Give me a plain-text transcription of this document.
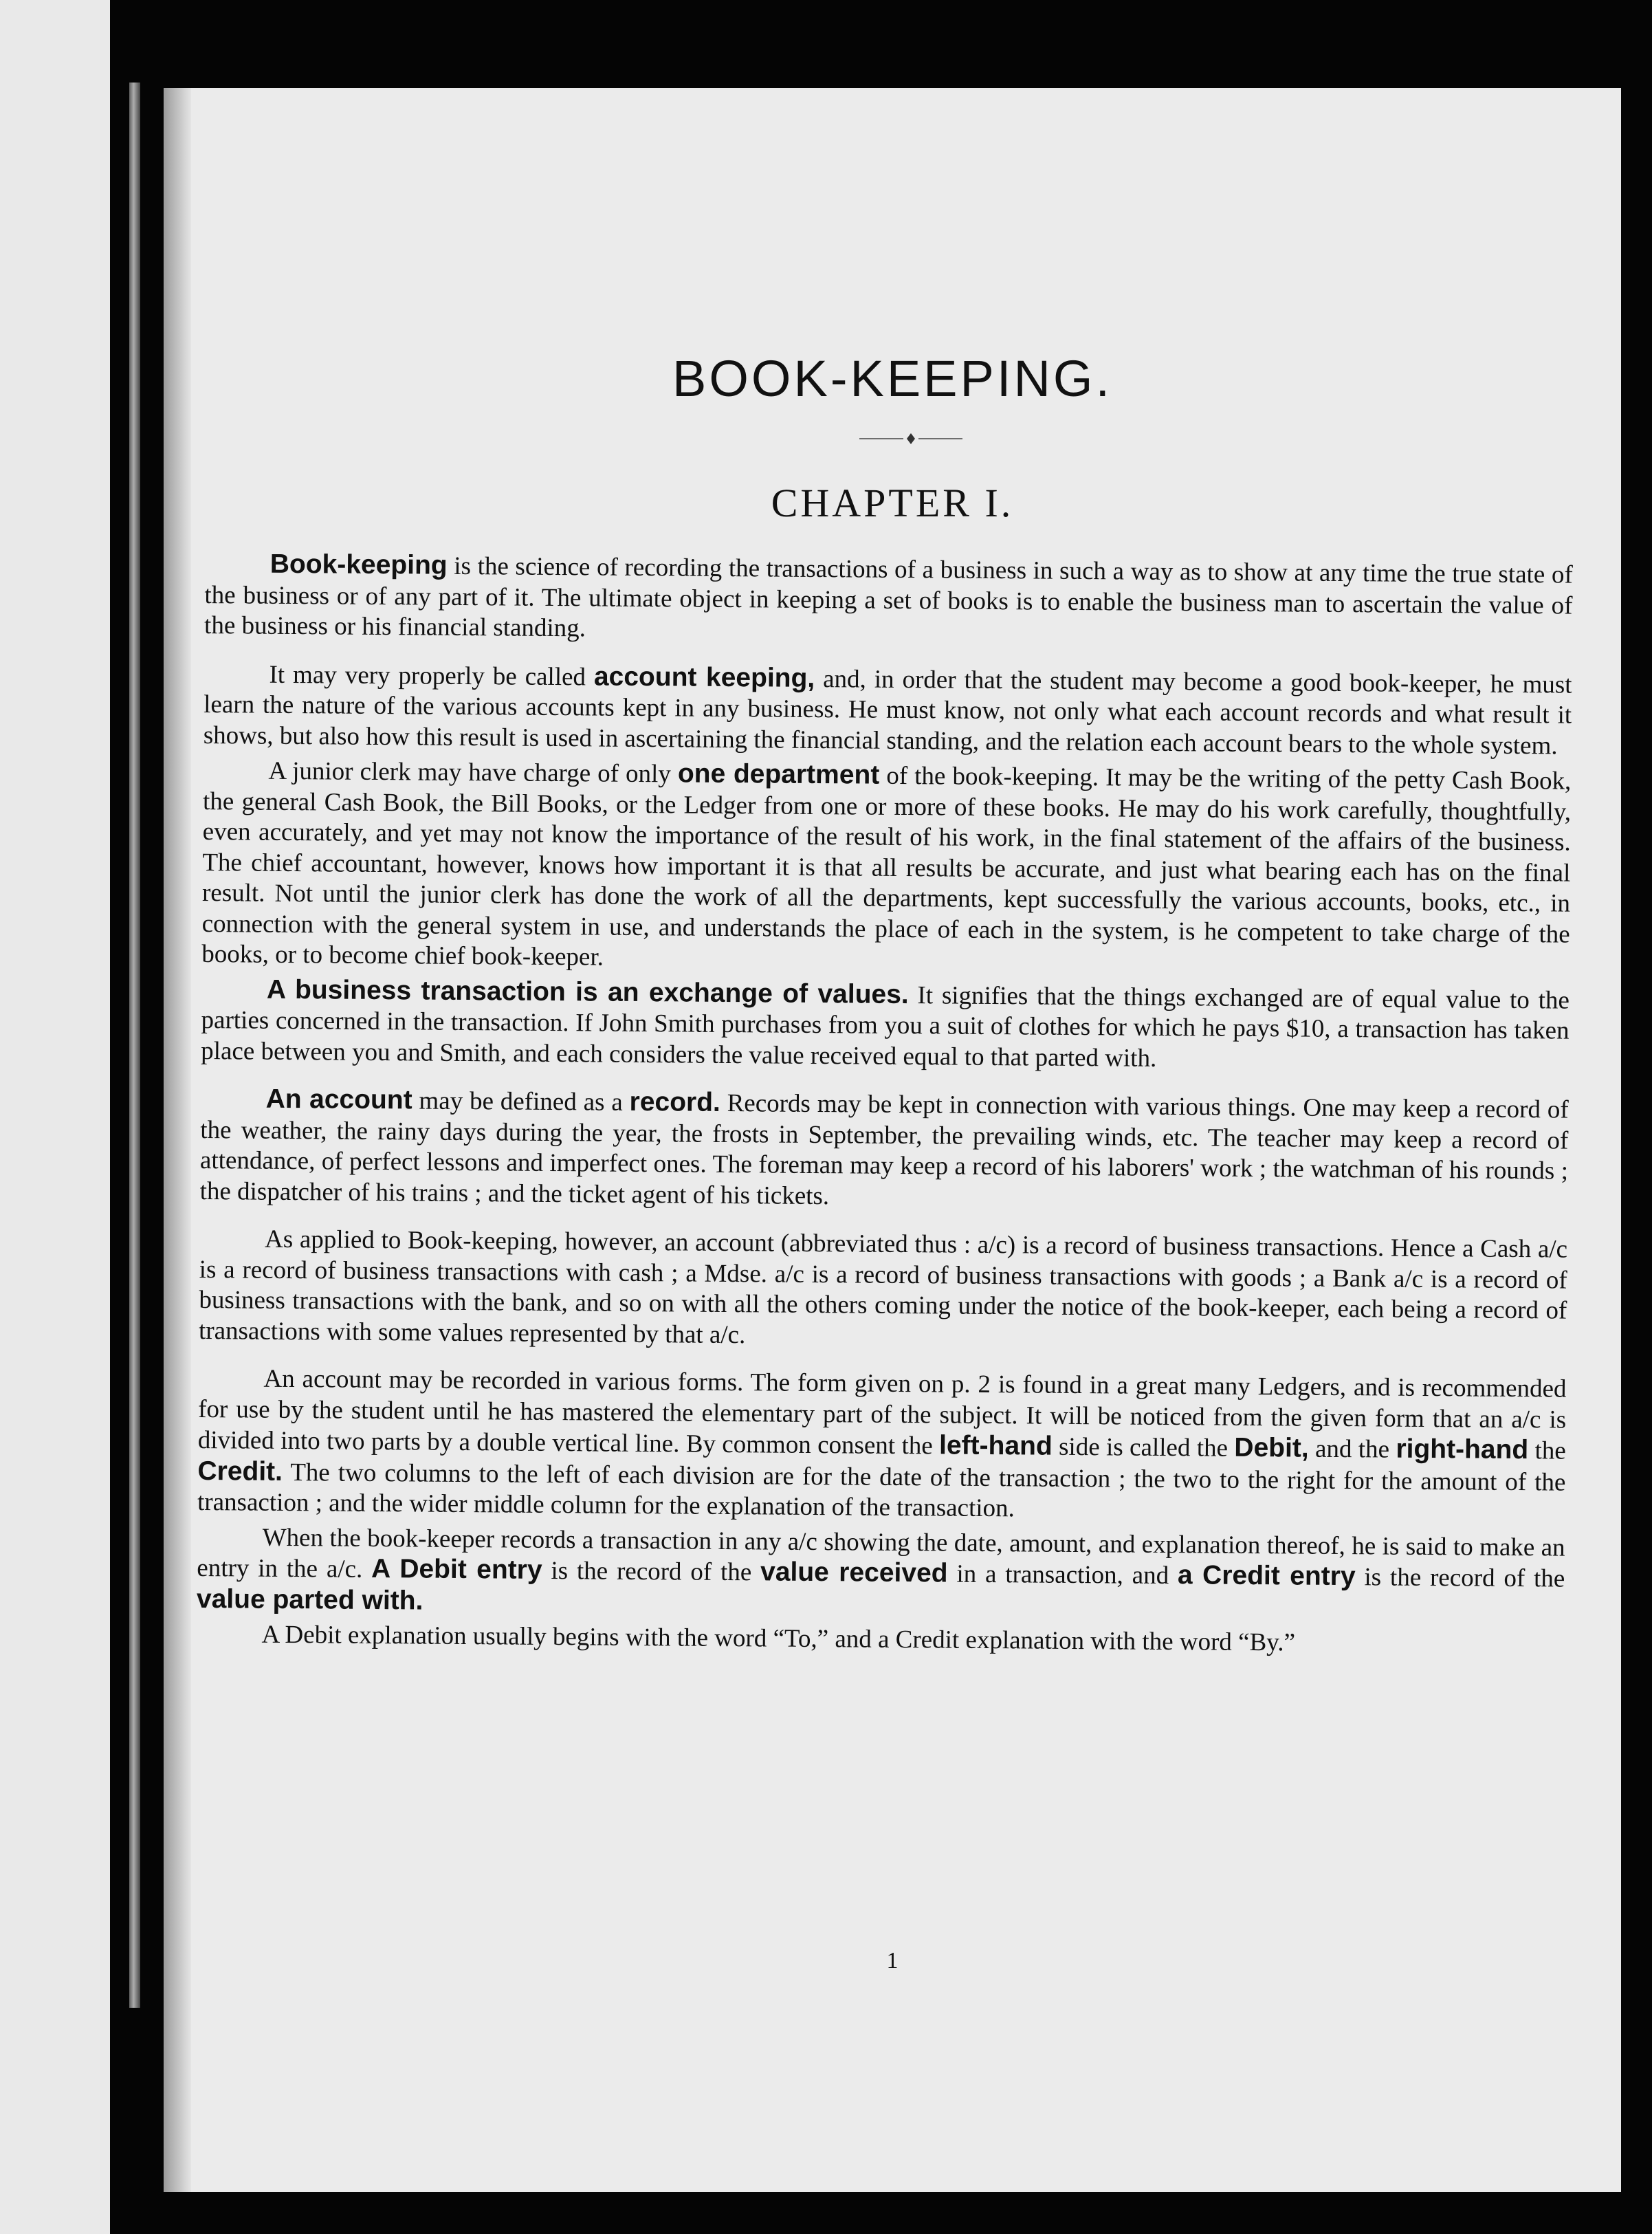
BOOK-KEEPING.
CHAPTER I.

Book-keeping is the science of recording the transactions of a business in such a way as to show at any time the true state of the business or of any part of it. The ultimate object in keeping a set of books is to enable the business man to ascertain the value of the business or his financial standing.

It may very properly be called account keeping, and, in order that the student may become a good book-keeper, he must learn the nature of the various accounts kept in any business. He must know, not only what each account records and what result it shows, but also how this result is used in ascertaining the financial standing, and the relation each account bears to the whole system.

A junior clerk may have charge of only one department of the book-keeping. It may be the writing of the petty Cash Book, the general Cash Book, the Bill Books, or the Ledger from one or more of these books. He may do his work carefully, thoughtfully, even accurately, and yet may not know the importance of the result of his work, in the final statement of the affairs of the business. The chief accountant, however, knows how important it is that all results be accurate, and just what bearing each has on the final result. Not until the junior clerk has done the work of all the departments, kept successfully the various accounts, books, etc., in connection with the general system in use, and understands the place of each in the system, is he competent to take charge of the books, or to become chief book-keeper.

A business transaction is an exchange of values. It signifies that the things exchanged are of equal value to the parties concerned in the transaction. If John Smith purchases from you a suit of clothes for which he pays $10, a transaction has taken place between you and Smith, and each considers the value received equal to that parted with.

An account may be defined as a record. Records may be kept in connection with various things. One may keep a record of the weather, the rainy days during the year, the frosts in September, the prevailing winds, etc. The teacher may keep a record of attendance, of perfect lessons and imperfect ones. The foreman may keep a record of his laborers' work ; the watchman of his rounds ; the dispatcher of his trains ; and the ticket agent of his tickets.

As applied to Book-keeping, however, an account (abbreviated thus : a/c) is a record of business transactions. Hence a Cash a/c is a record of business transactions with cash ; a Mdse. a/c is a record of business transactions with goods ; a Bank a/c is a record of business transactions with the bank, and so on with all the others coming under the notice of the book-keeper, each being a record of transactions with some values represented by that a/c.

An account may be recorded in various forms. The form given on p. 2 is found in a great many Ledgers, and is recommended for use by the student until he has mastered the elementary part of the subject. It will be noticed from the given form that an a/c is divided into two parts by a double vertical line. By common consent the left-hand side is called the Debit, and the right-hand the Credit. The two columns to the left of each division are for the date of the transaction ; the two to the right for the amount of the transaction ; and the wider middle column for the explanation of the transaction.

When the book-keeper records a transaction in any a/c showing the date, amount, and explanation thereof, he is said to make an entry in the a/c. A Debit entry is the record of the value received in a transaction, and a Credit entry is the record of the value parted with.

A Debit explanation usually begins with the word “To,” and a Credit explanation with the word “By.”

1
